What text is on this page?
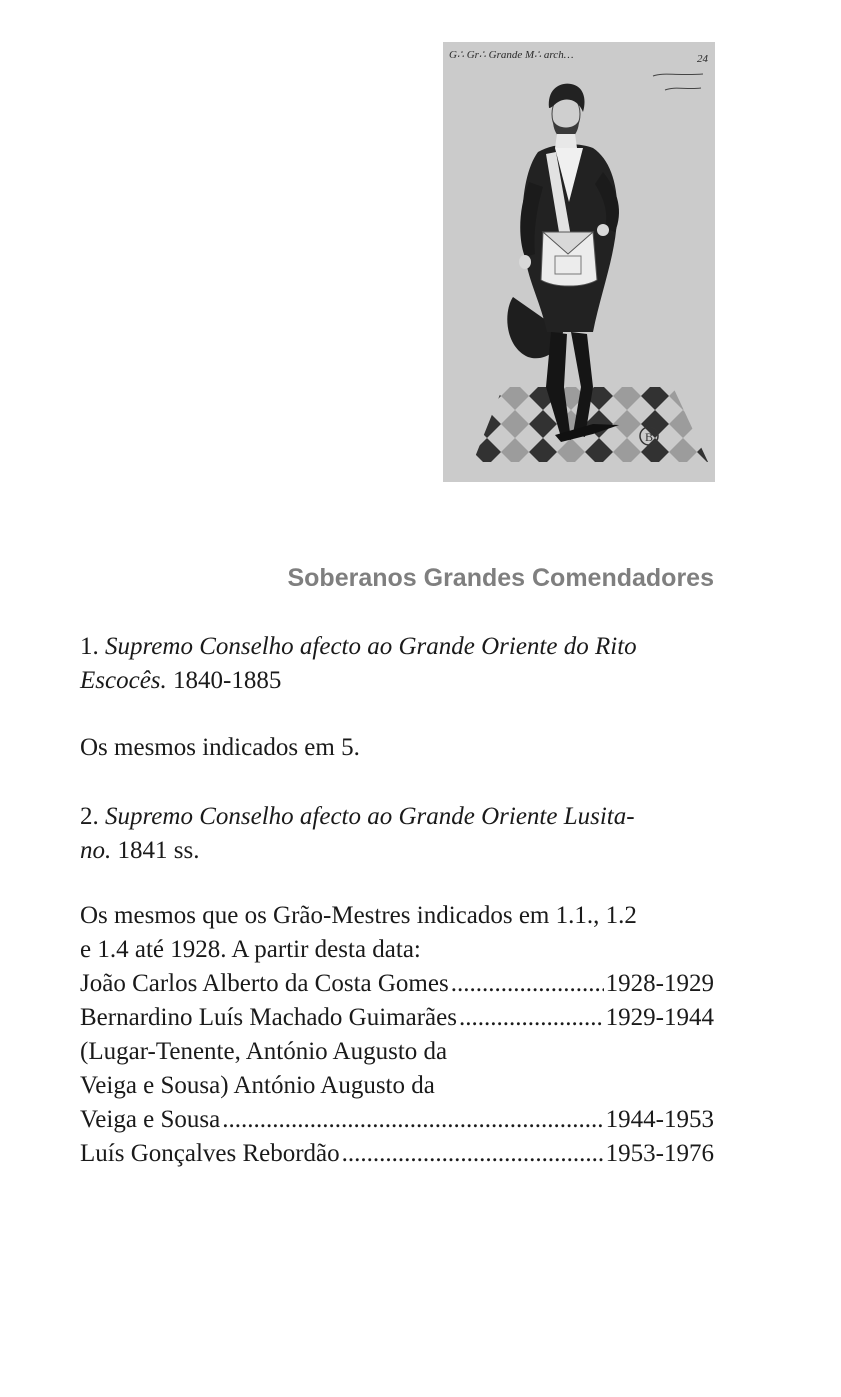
B
G∴ Gr∴ Grande M∴ arch…	24
Soberanos Grandes Comendadores

1. Supremo Conselho afecto ao Grande Oriente do Rito
Escocês. 1840-1885

Os mesmos indicados em 5.

2. Supremo Conselho afecto ao Grande Oriente Lusita-
no. 1841 ss.

Os mesmos que os Grão-Mestres indicados em 1.1., 1.2
e 1.4 até 1928. A partir desta data:
João Carlos Alberto da Costa Gomes .....	1928-1929
Bernardino Luís Machado Guimarães .....	1929-1944
(Lugar-Tenente, António Augusto da
Veiga e Sousa) António Augusto da
Veiga e Sousa .....	1944-1953
Luís Gonçalves Rebordão .....	1953-1976
